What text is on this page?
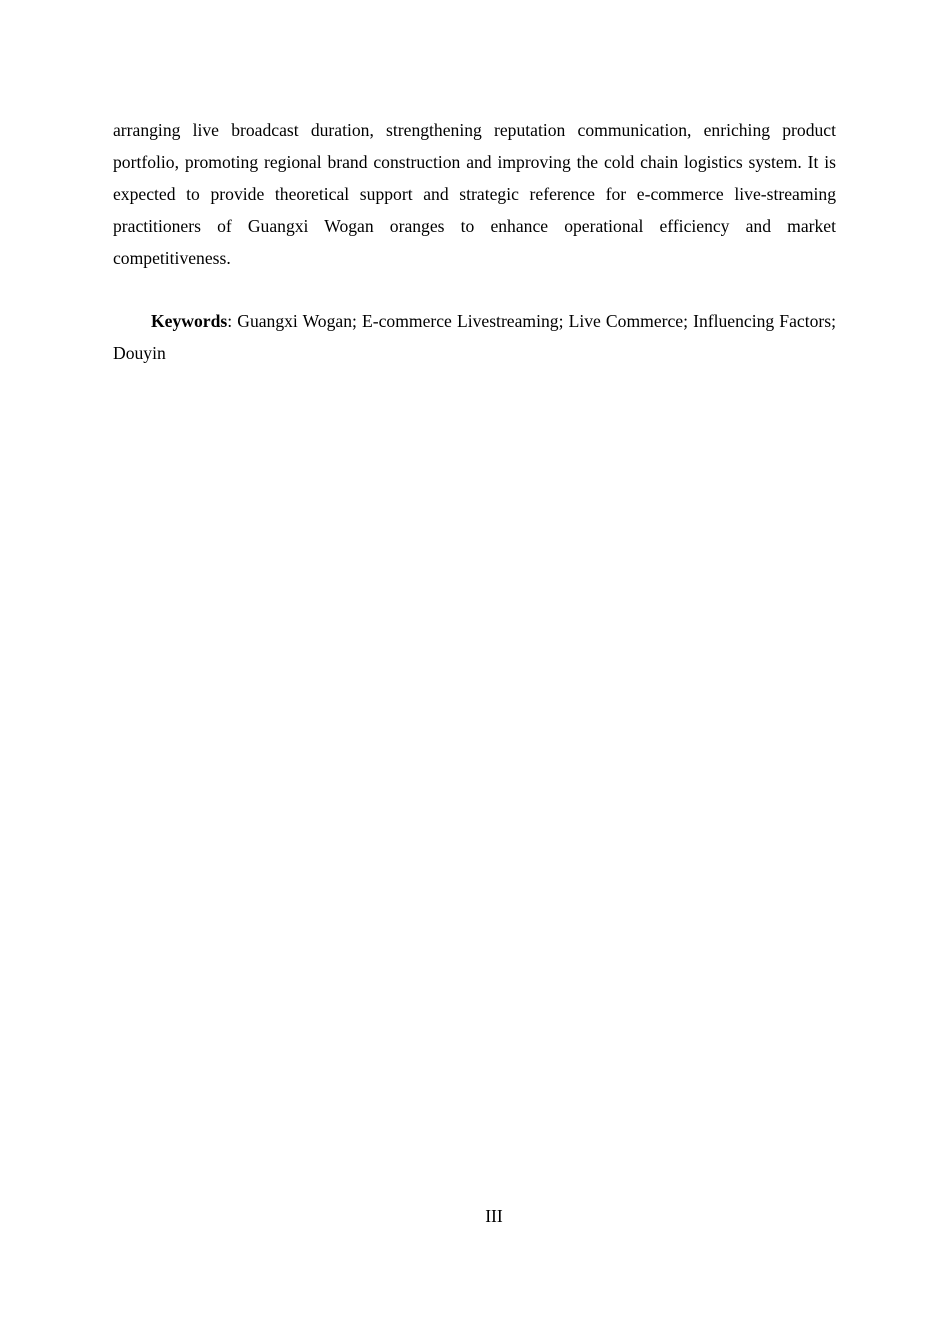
arranging live broadcast duration, strengthening reputation communication, enriching product portfolio, promoting regional brand construction and improving the cold chain logistics system. It is expected to provide theoretical support and strategic reference for e-commerce live-streaming practitioners of Guangxi Wogan oranges to enhance operational efficiency and market competitiveness.

Keywords: Guangxi Wogan; E-commerce Livestreaming; Live Commerce; Influencing Factors; Douyin

III
